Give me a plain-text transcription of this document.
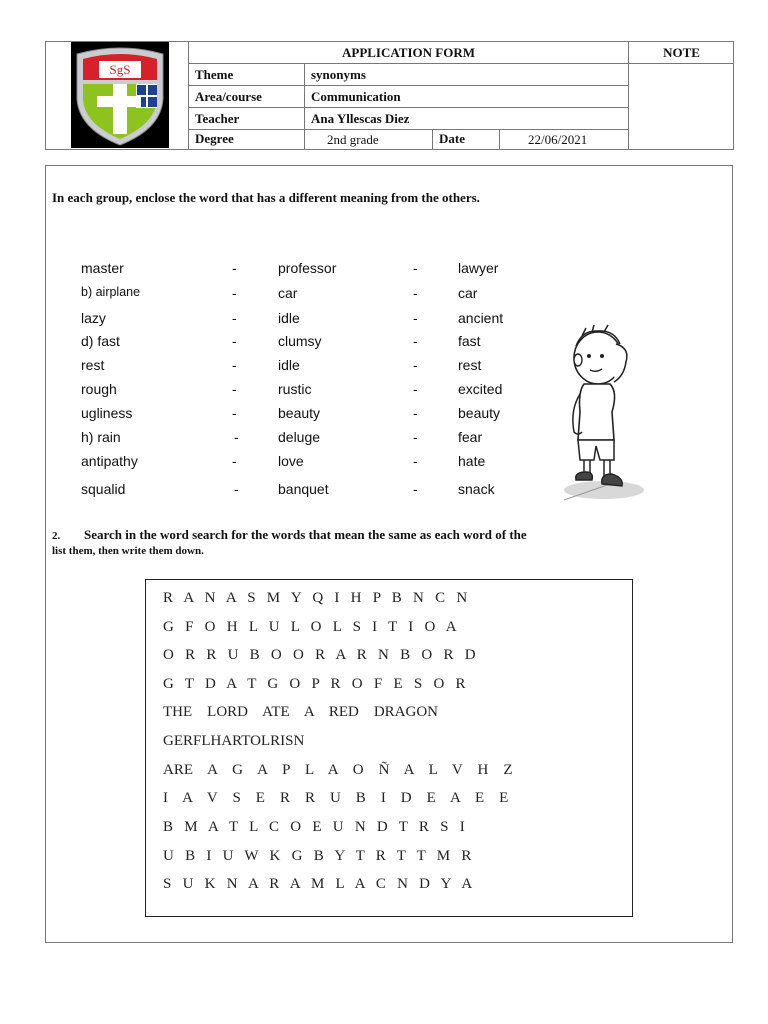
SgS
APPLICATION FORM	NOTE
Theme	synonyms
Area/course	Communication
Teacher	Ana Yllescas Diez
Degree	2nd grade	Date	22/06/2021
In each group, enclose the word that has a different meaning from the others.
master	-	professor	-	lawyer
b) airplane	-	car	-	car
lazy	-	idle	-	ancient
d) fast	-	clumsy	-	fast
rest	-	idle	-	rest
rough	-	rustic	-	excited
ugliness	-	beauty	-	beauty
h) rain	-	deluge	-	fear
antipathy	-	love	-	hate
squalid	-	banquet	-	snack
2. Search in the word search for the words that mean the same as each word of the
list them, then write them down.
R   A   N   A   S   M   Y   Q   I   H   P   B   N   C   N
G   F   O   H   L   U   L   O   L   S   I   T   I   O   A
O   R   R   U   B   O   O   R   A   R   N   B   O   R   D
G   T   D   A   T   G   O   P   R   O   F   E   S   O   R
THE    LORD    ATE    A    RED    DRAGON
GERFLHARTOLRISN
ARE    A    G    A    P    L    A    O    Ñ    A    L    V    H    Z
I    A    V    S    E    R    R    U    B    I    D    E    A    E    E
B   M   A   T   L   C   O   E   U   N   D   T   R   S   I
U   B   I   U   W   K   G   B   Y   T   R   T   T   M   R
S   U   K   N   A   R   A   M   L   A   C   N   D   Y   A
